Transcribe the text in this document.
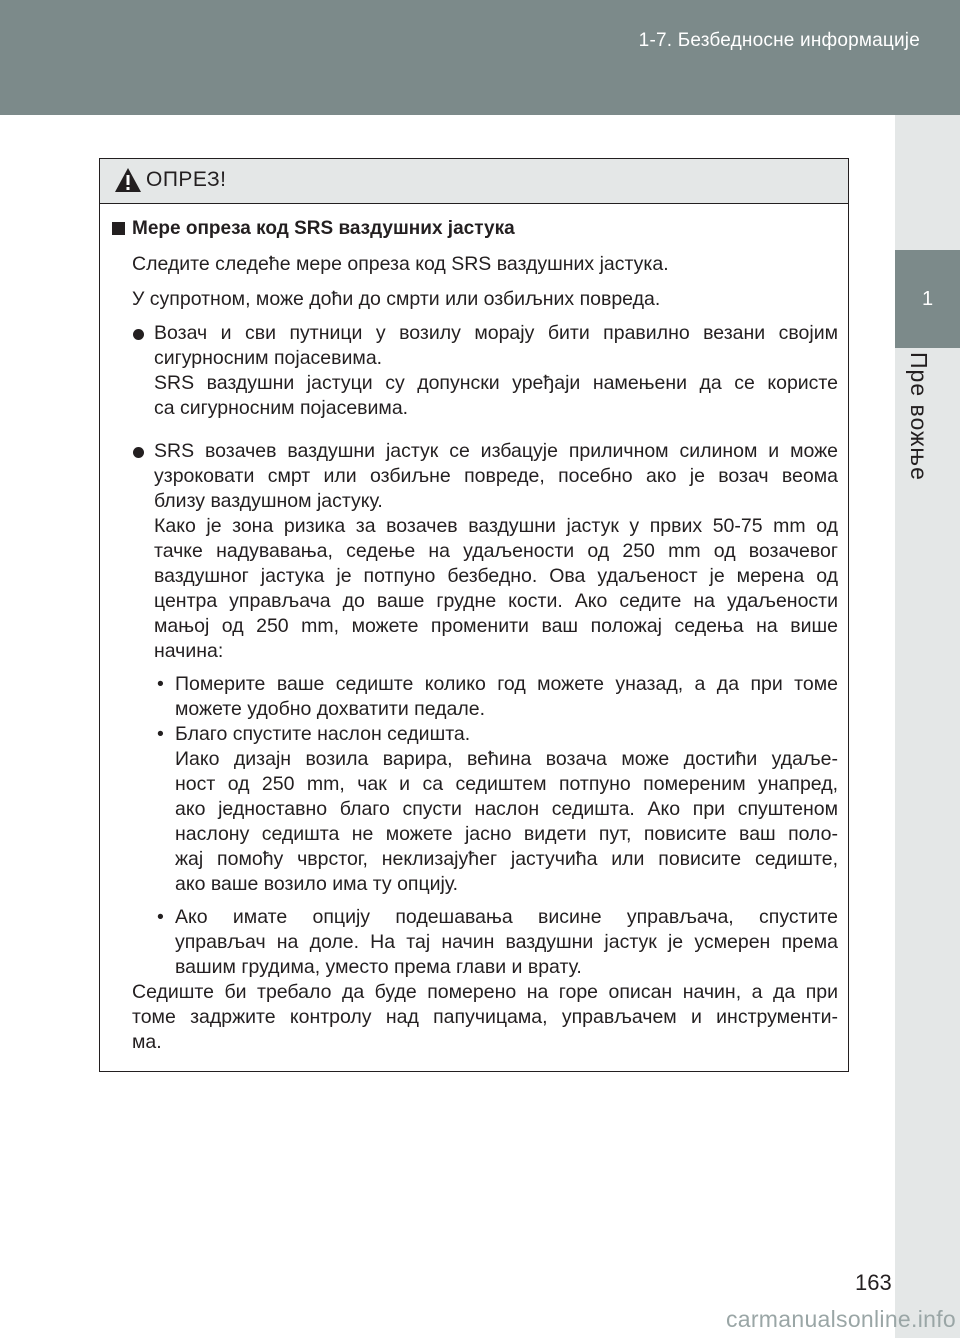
1-7. Безбедносне информације
1
Пре вожње
ОПРЕЗ!
Мере опреза код SRS ваздушних јастука
Следите следеће мере опреза код SRS ваздушних јастука.
У супротном, може доћи до смрти или озбиљних повреда.
Возач и сви путници у возилу морају бити правилно везани својим
сигурносним појасевима.
SRS ваздушни јастуци су допунски уређаји намењени да се користе
са сигурносним појасевима.
SRS возачев ваздушни јастук се избацује приличном силином и може
узроковати смрт или озбиљне повреде, посебно ако је возач веома
близу ваздушном јастуку.
Како је зона ризика за возачев ваздушни јастук у првих 50-75 mm од
тачке надувавања, седење на удаљености од 250 mm од возачевог
ваздушног јастука је потпуно безбедно. Ова удаљеност је мерена од
центра управљача до ваше грудне кости. Ако седите на удаљености
мањој од 250 mm, можете променити ваш положај седења на више
начина:
• Померите ваше седиште колико год можете уназад, а да при томе
можете удобно дохватити педале.
• Благо спустите наслон седишта.
Иако дизајн возила варира, већина возача може достићи удаље-
ност од 250 mm, чак и са седиштем потпуно помереним унапред,
ако једноставно благо спусти наслон седишта. Ако при спуштеном
наслону седишта не можете јасно видети пут, повисите ваш поло-
жај помоћу чврстог, неклизајућег јастучића или повисите седиште,
ако ваше возило има ту опцију.
• Ако имате опцију подешавања висине управљача, спустите
управљач на доле. На тај начин ваздушни јастук је усмерен према
вашим грудима, уместо према глави и врату.
Седиште би требало да буде померено на горе описан начин, а да при
томе задржите контролу над папучицама, управљачем и инструменти-
ма.
163
carmanualsonline.info
